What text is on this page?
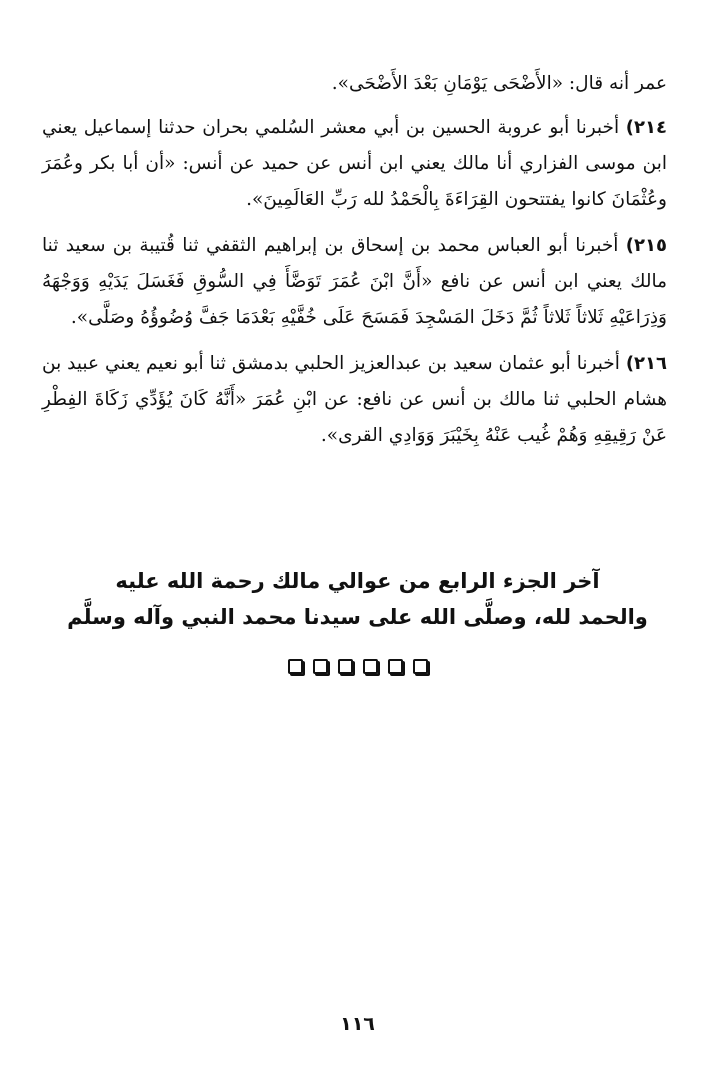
عمر أنه قال: «الأَضْحَى يَوْمَانِ بَعْدَ الأَضْحَى».

٢١٤) أخبرنا أبو عروبة الحسين بن أبي معشر السُلمي بحران حدثنا إسماعيل يعني ابن موسى الفزاري أنا مالك يعني ابن أنس عن حميد عن أنس: «أن أبا بكر وعُمَرَ وعُثْمَانَ كانوا يفتتحون القِرَاءَةَ بِالْحَمْدُ لله رَبِّ العَالَمِينَ».

٢١٥) أخبرنا أبو العباس محمد بن إسحاق بن إبراهيم الثقفي ثنا قُتيبة بن سعيد ثنا مالك يعني ابن أنس عن نافع «أَنَّ ابْنَ عُمَرَ تَوَضَّأَ فِي السُّوقِ فَغَسَلَ يَدَيْهِ وَوَجْهَهُ وَذِرَاعَيْهِ ثَلاثاً ثَلاثاً ثُمَّ دَخَلَ المَسْجِدَ فَمَسَحَ عَلَى خُفَّيْهِ بَعْدَمَا جَفَّ وُضُوؤُهُ وصَلَّى».

٢١٦) أخبرنا أبو عثمان سعيد بن عبدالعزيز الحلبي بدمشق ثنا أبو نعيم يعني عبيد بن هشام الحلبي ثنا مالك بن أنس عن نافع: عن ابْنِ عُمَرَ «أَنَّهُ كَانَ يُؤَدِّي زَكَاةَ الفِطْرِ عَنْ رَقِيقِهِ وَهُمْ غُيب عَنْهُ بِخَيْبَرَ وَوَادِي القرى».

آخر الجزء الرابع من عوالي مالك رحمة الله عليه
والحمد لله، وصلَّى الله على سيدنا محمد النبي وآله وسلَّم
١١٦
